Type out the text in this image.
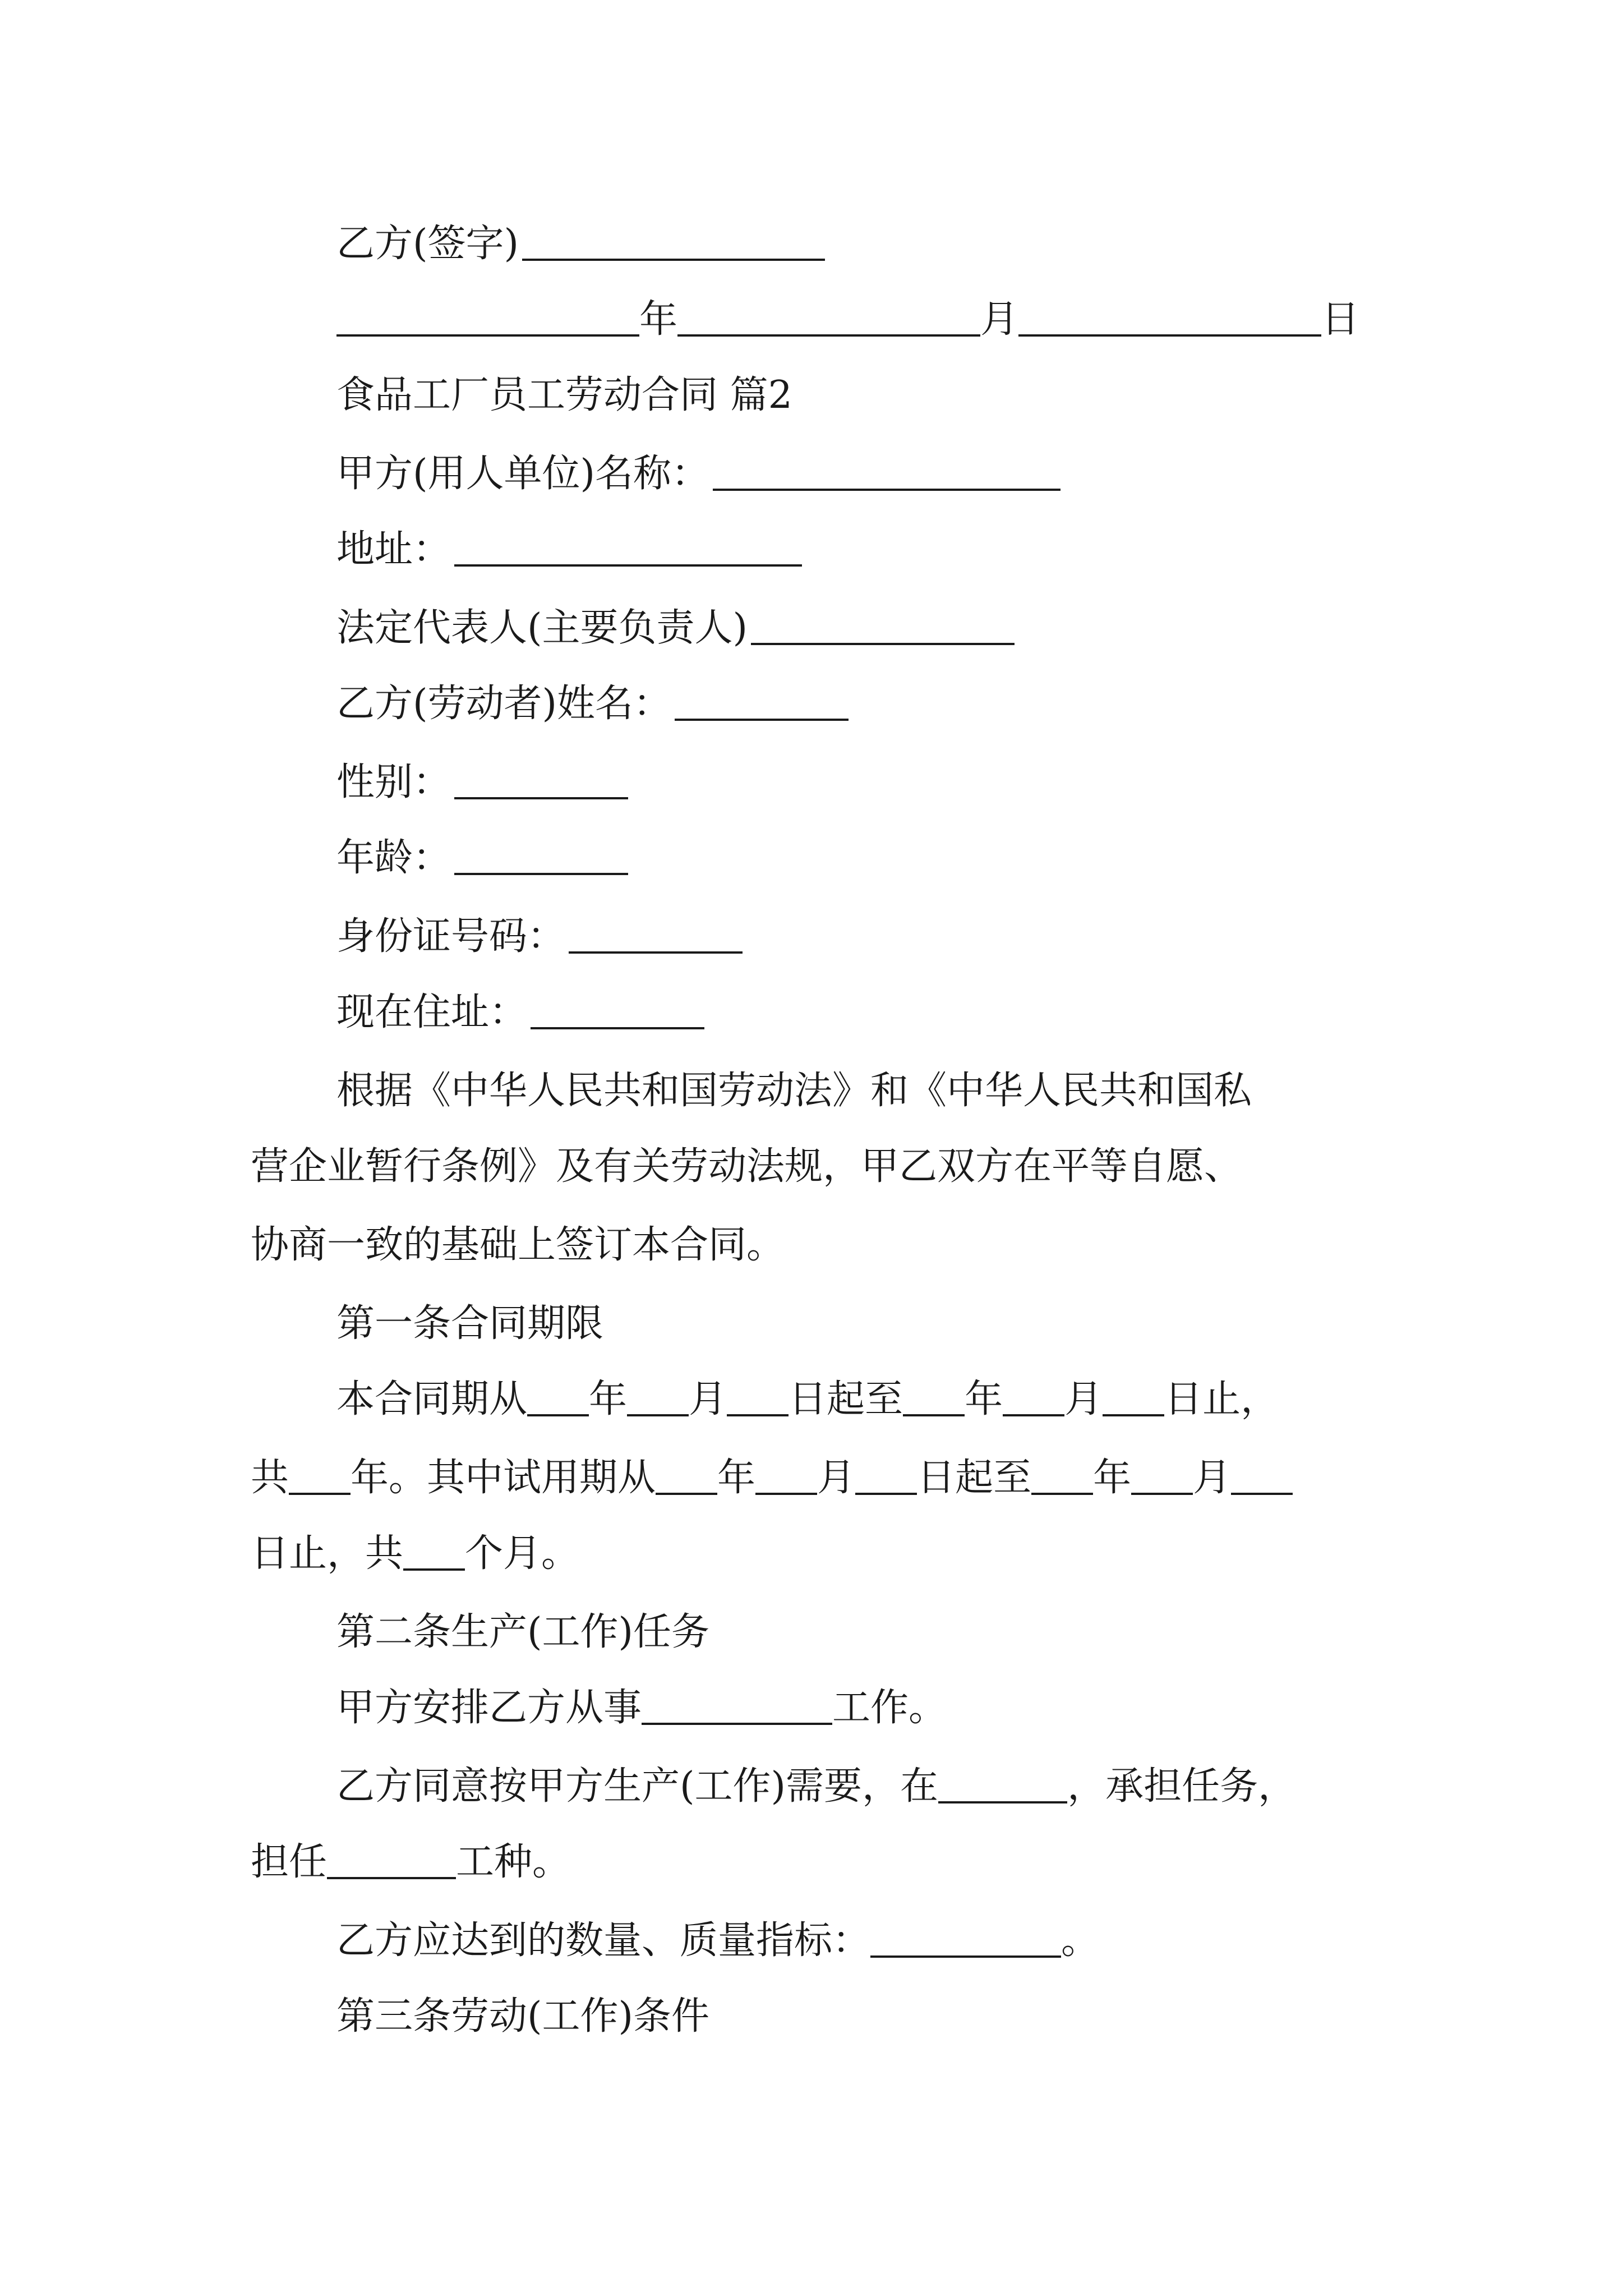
乙方(签字)
年	月	日
食品工厂员工劳动合同 篇2
甲方(用人单位)名称：
地址：
法定代表人(主要负责人)
乙方(劳动者)姓名：
性别：
年龄：
身份证号码：
现在住址：
根据《中华人民共和国劳动法》和《中华人民共和国私
营企业暂行条例》及有关劳动法规，甲乙双方在平等自愿、
协商一致的基础上签订本合同。
第一条合同期限
本合同期从 年 月 日起至 年 月 日止，
共 年。其中试用期从 年 月 日起至 年 月
日止，共 个月。
第二条生产(工作)任务
甲方安排乙方从事	工作。
乙方同意按甲方生产(工作)需要，在	，承担任务，
担任	工种。
乙方应达到的数量、质量指标：	。
第三条劳动(工作)条件
